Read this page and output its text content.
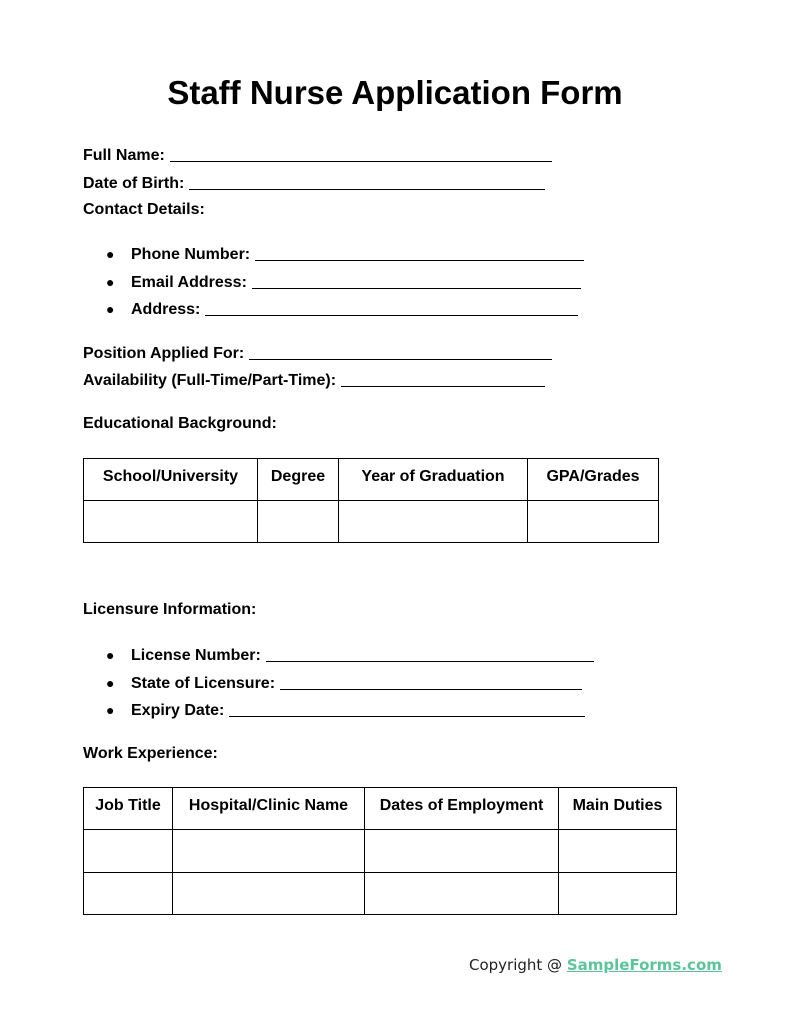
Staff Nurse Application Form
Full Name:
Date of Birth:
Contact Details:
● Phone Number:
● Email Address:
● Address:
Position Applied For:
Availability (Full-Time/Part-Time):
Educational Background:
School/University	Degree	Year of Graduation	GPA/Grades

Licensure Information:
● License Number:
● State of Licensure:
● Expiry Date:
Work Experience:
Job Title	Hospital/Clinic Name	Dates of Employment	Main Duties

Copyright @ SampleForms.com
